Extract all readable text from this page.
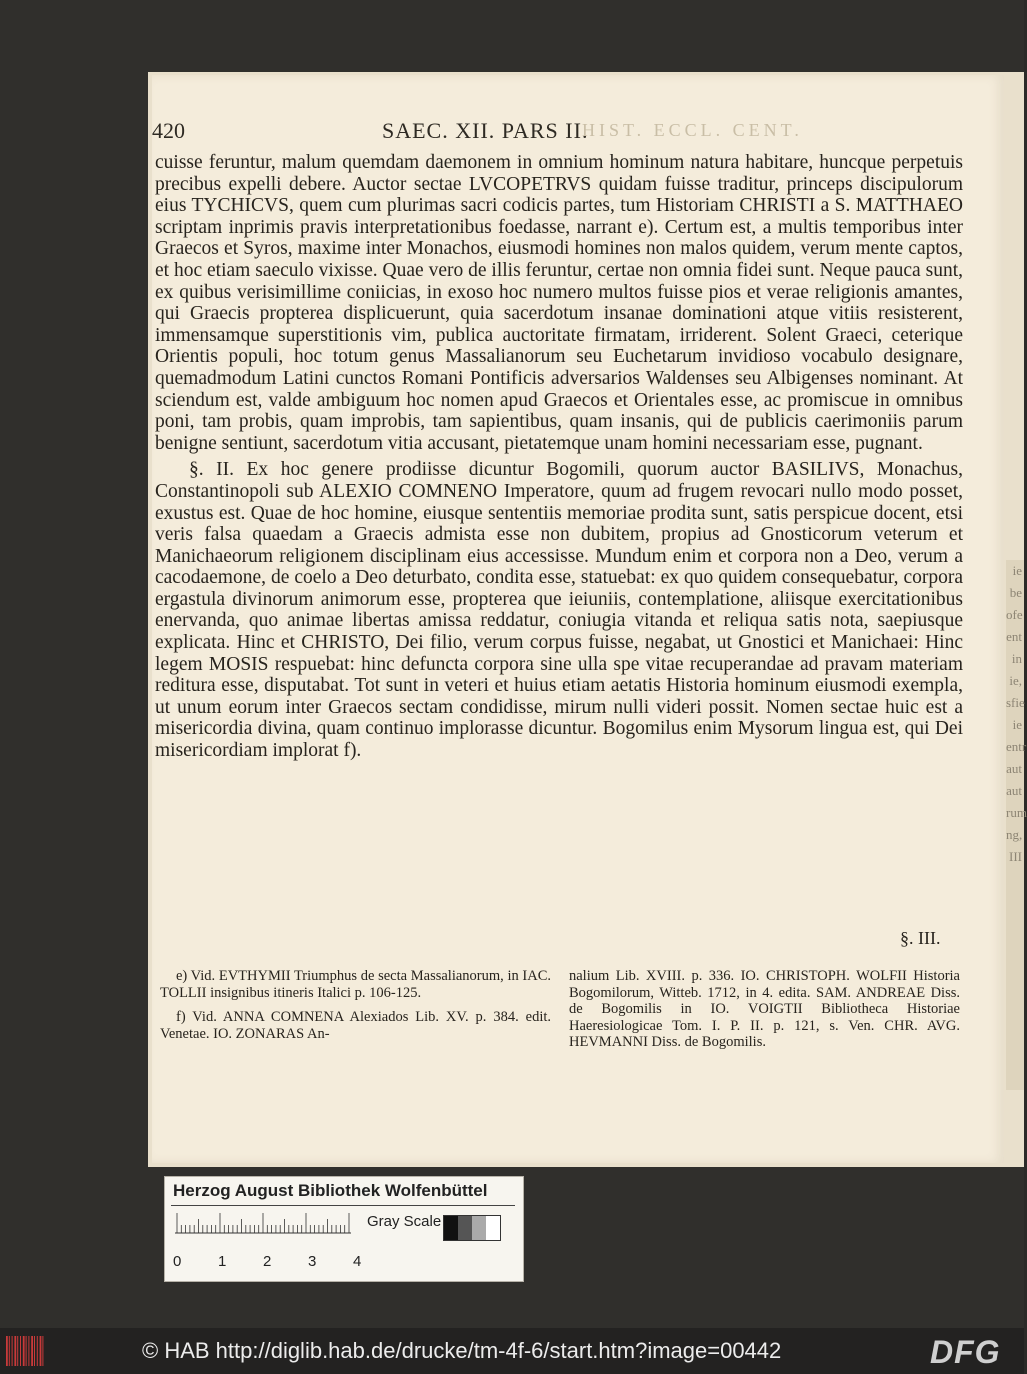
ie
be
ofe
ent
in
ie,
sfie
ie
entr
aut
aut
rum
ng,
III
420	SAEC. XII. PARS II.
HIST. ECCL. CENT.

cuisse feruntur, malum quemdam daemonem in omnium hominum natura habitare, huncque perpetuis precibus expelli debere. Auctor sectae LVCOPETRVS quidam fuisse traditur, princeps discipulorum eius TYCHICVS, quem cum plurimas sacri codicis partes, tum Historiam CHRISTI a S. MATTHAEO scriptam inprimis pravis interpretationibus foedasse, narrant e). Certum est, a multis temporibus inter Graecos et Syros, maxime inter Monachos, eiusmodi homines non malos quidem, verum mente captos, et hoc etiam saeculo vixisse. Quae vero de illis feruntur, certae non omnia fidei sunt. Neque pauca sunt, ex quibus verisimillime coniicias, in exoso hoc numero multos fuisse pios et verae religionis amantes, qui Graecis propterea displicuerunt, quia sacerdotum insanae dominationi atque vitiis resisterent, immensamque superstitionis vim, publica auctoritate firmatam, irriderent. Solent Graeci, ceterique Orientis populi, hoc totum genus Massalianorum seu Euchetarum invidioso vocabulo designare, quemadmodum Latini cunctos Romani Pontificis adversarios Waldenses seu Albigenses nominant. At sciendum est, valde ambiguum hoc nomen apud Graecos et Orientales esse, ac promiscue in omnibus poni, tam probis, quam improbis, tam sapientibus, quam insanis, qui de publicis caerimoniis parum benigne sentiunt, sacerdotum vitia accusant, pietatemque unam homini necessariam esse, pugnant.

§. II. Ex hoc genere prodiisse dicuntur Bogomili, quorum auctor BASILIVS, Monachus, Constantinopoli sub ALEXIO COMNENO Imperatore, quum ad frugem revocari nullo modo posset, exustus est. Quae de hoc homine, eiusque sententiis memoriae prodita sunt, satis perspicue docent, etsi veris falsa quaedam a Graecis admista esse non dubitem, propius ad Gnosticorum veterum et Manichaeorum religionem disciplinam eius accessisse. Mundum enim et corpora non a Deo, verum a cacodaemone, de coelo a Deo deturbato, condita esse, statuebat: ex quo quidem consequebatur, corpora ergastula divinorum animorum esse, propterea que ieiuniis, contemplatione, aliisque exercitationibus enervanda, quo animae libertas amissa reddatur, coniugia vitanda et reliqua satis nota, saepiusque explicata. Hinc et CHRISTO, Dei filio, verum corpus fuisse, negabat, ut Gnostici et Manichaei: Hinc legem MOSIS respuebat: hinc defuncta corpora sine ulla spe vitae recuperandae ad pravam materiam reditura esse, disputabat. Tot sunt in veteri et huius etiam aetatis Historia hominum eiusmodi exempla, ut unum eorum inter Graecos sectam condidisse, mirum nulli videri possit. Nomen sectae huic est a misericordia divina, quam continuo implorasse dicuntur. Bogomilus enim Mysorum lingua est, qui Dei misericordiam implorat f).

§. III.

e) Vid. EVTHYMII Triumphus de secta Massalianorum, in IAC. TOLLII insignibus itineris Italici p. 106-125.

f) Vid. ANNA COMNENA Alexiados Lib. XV. p. 384. edit. Venetae. IO. ZONARAS An-

nalium Lib. XVIII. p. 336. IO. CHRISTOPH. WOLFII Historia Bogomilorum, Witteb. 1712, in 4. edita. SAM. ANDREAE Diss. de Bogomilis in IO. VOIGTII Bibliotheca Historiae Haeresiologicae Tom. I. P. II. p. 121, s. Ven. CHR. AVG. HEVMANNI Diss. de Bogomilis.

Herzog August Bibliothek Wolfenbüttel
Gray Scale
0 1 2 3 4
© HAB http://diglib.hab.de/drucke/tm-4f-6/start.htm?image=00442	DFG
